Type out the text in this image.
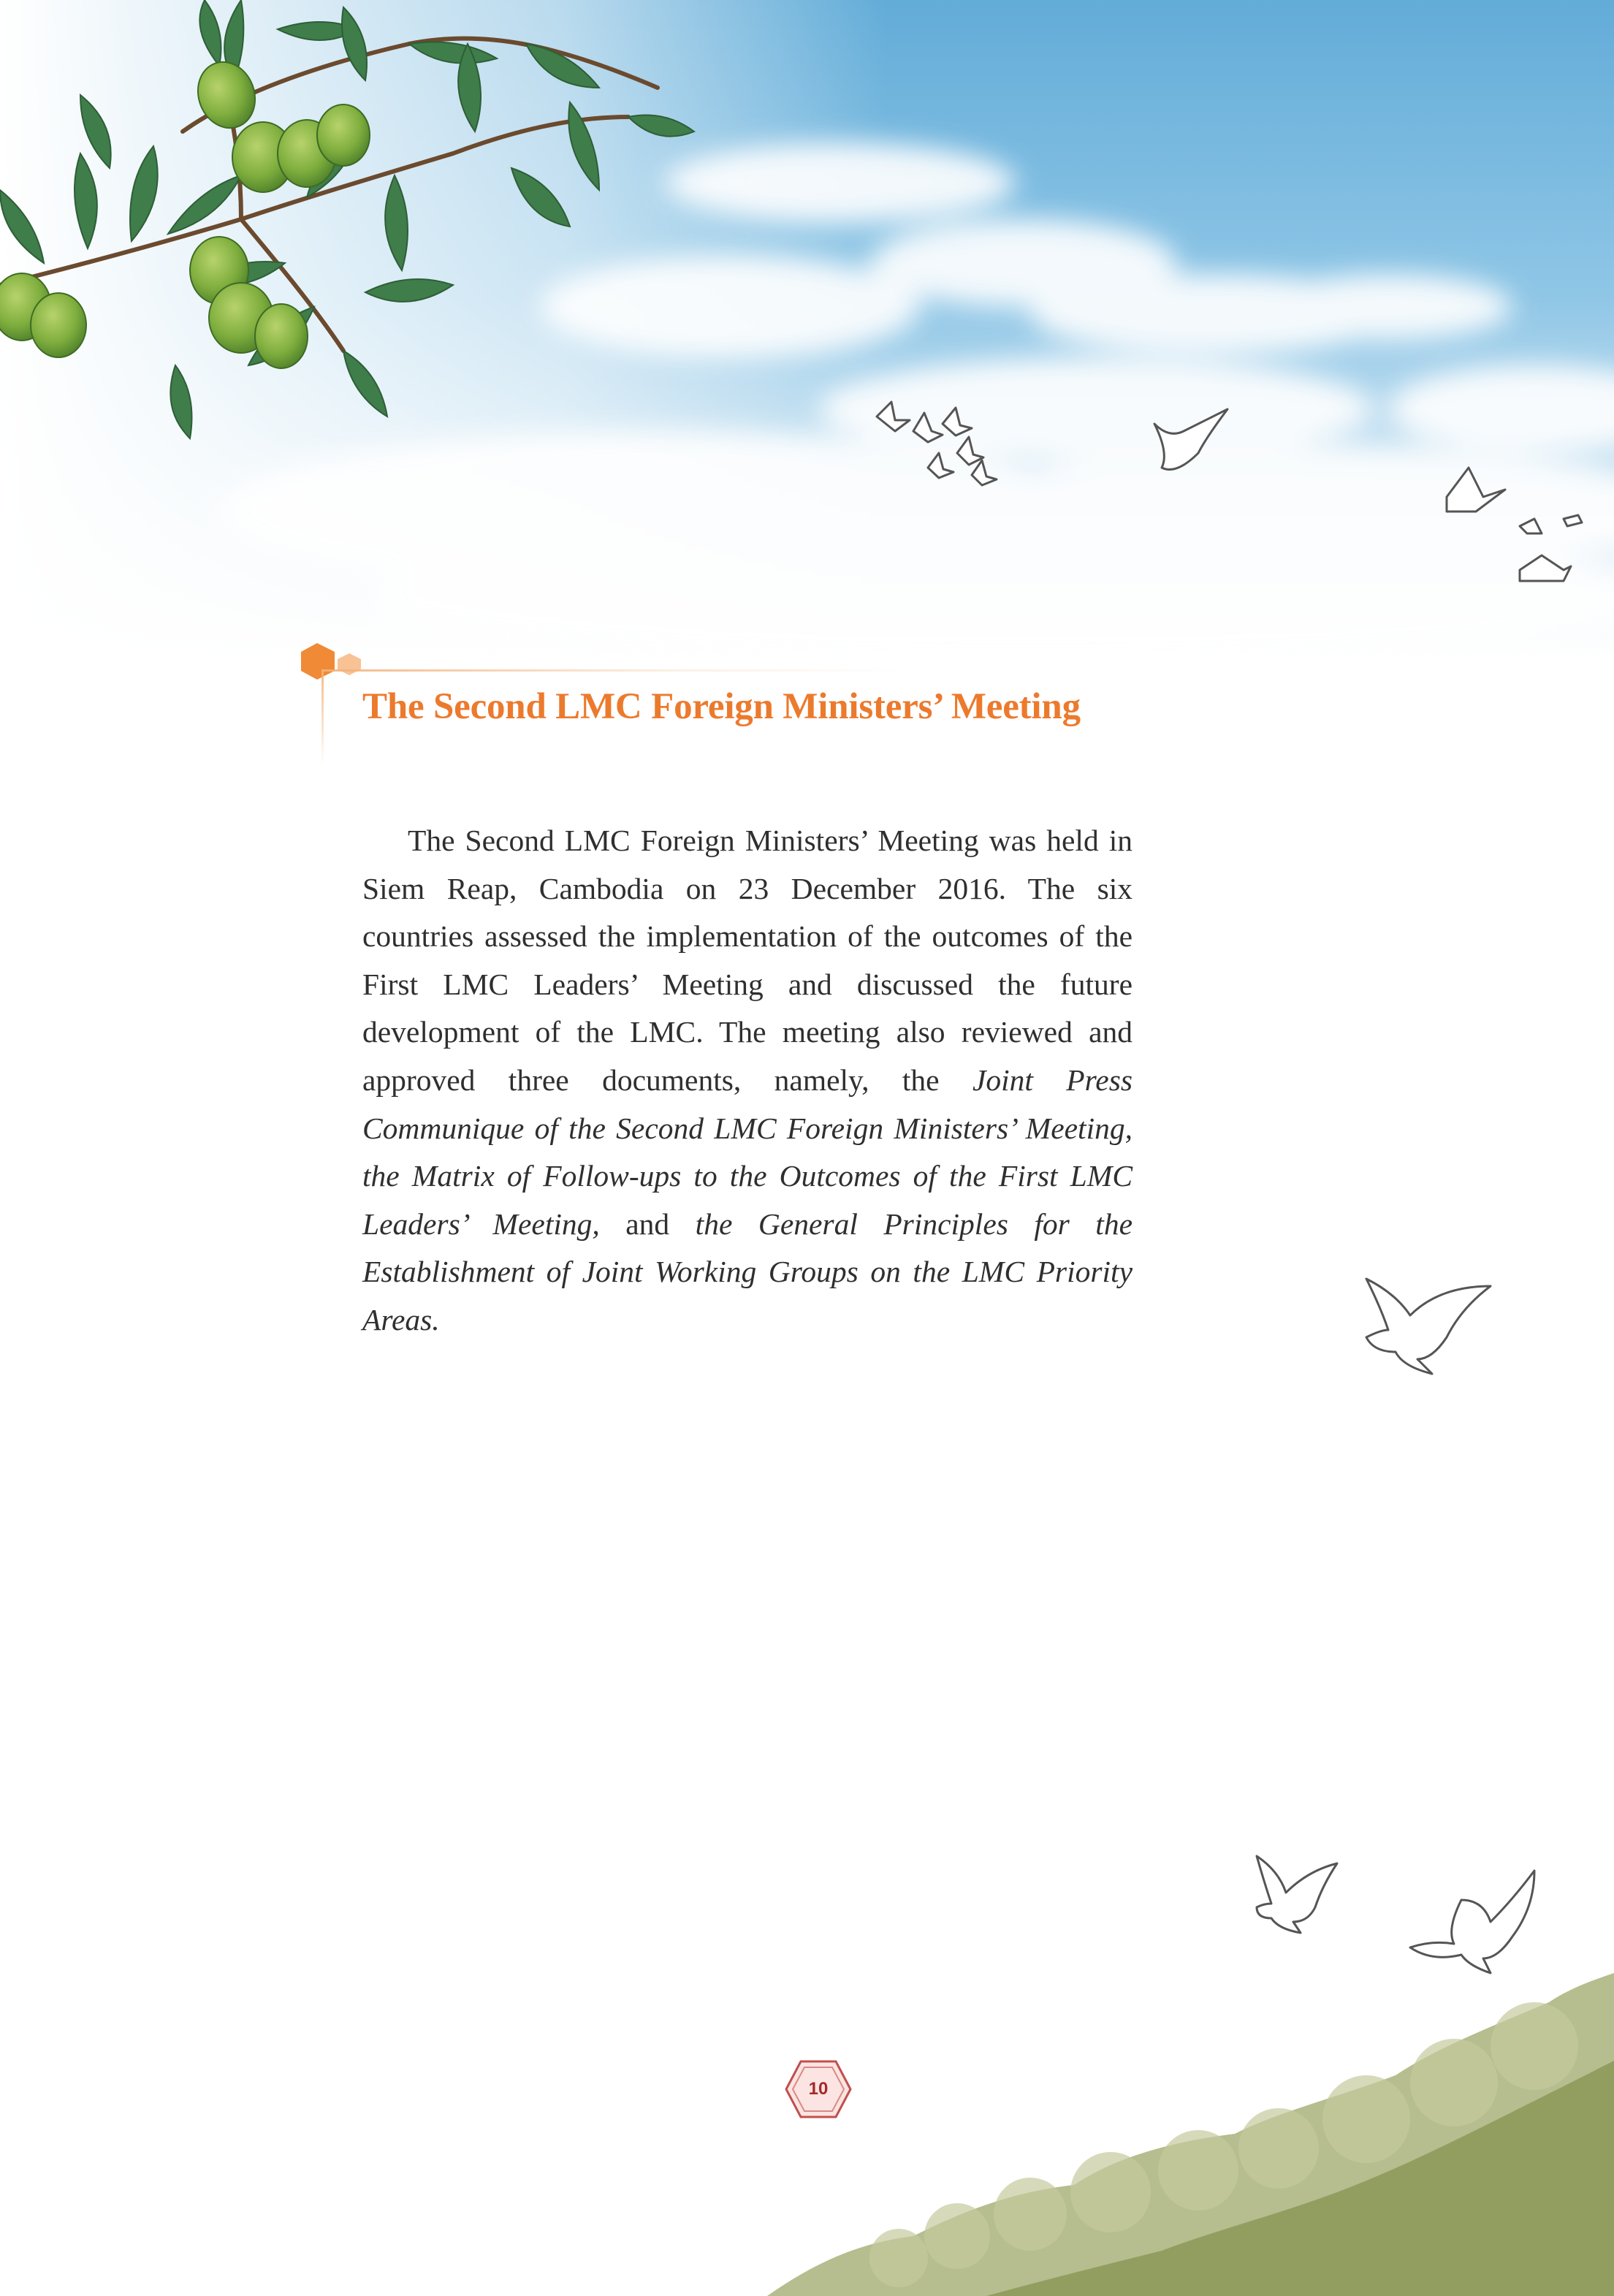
The Second LMC Foreign Ministers’ Meeting

The Second LMC Foreign Ministers’ Meeting was held in Siem Reap, Cambodia on 23 December 2016. The six countries assessed the implementation of the outcomes of the First LMC Leaders’ Meeting and discussed the future development of the LMC. The meeting also reviewed and approved three documents, namely, the Joint Press Communique of the Second LMC Foreign Ministers’ Meeting, the Matrix of Follow-ups to the Outcomes of the First LMC Leaders’ Meeting, and the General Principles for the Establishment of Joint Working Groups on the LMC Priority Areas.

10
